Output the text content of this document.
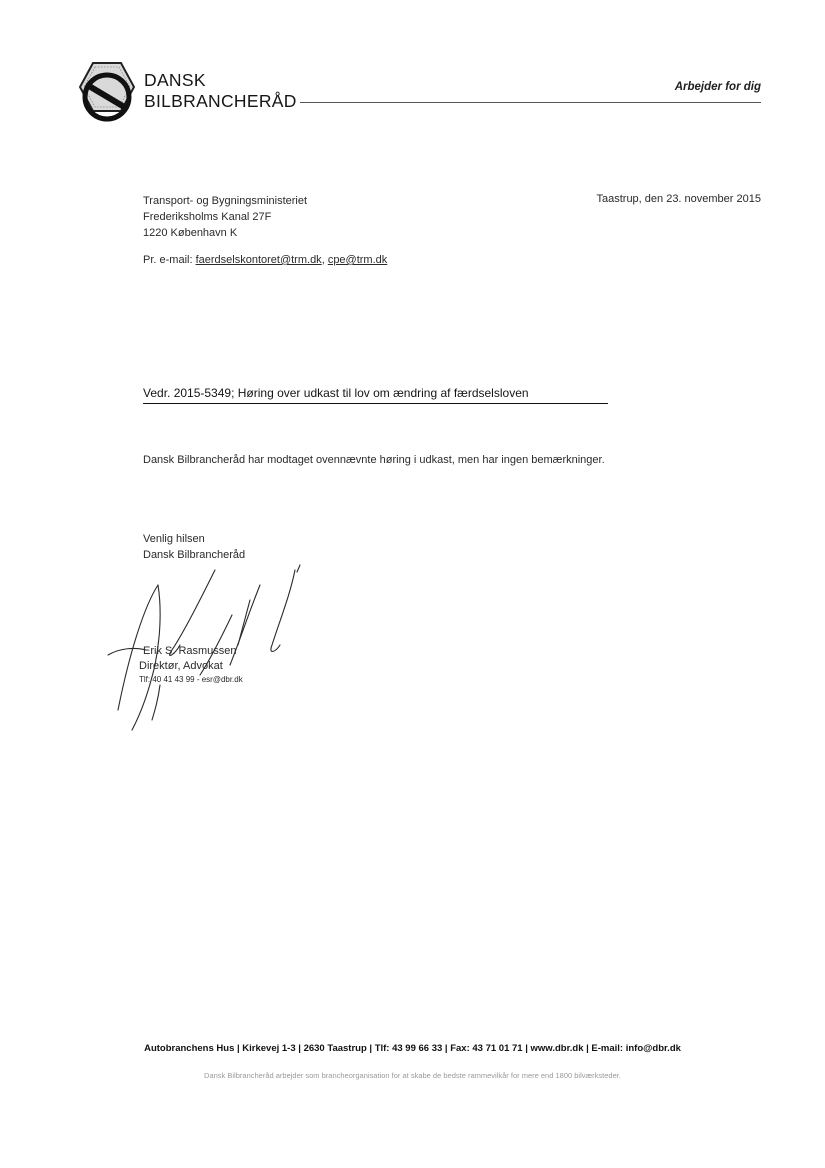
DANSK
BILBRANCHERÅD
Arbejder for dig
Transport- og Bygningsministeriet
Frederiksholms Kanal 27F
1220 København K
Taastrup, den 23. november 2015
Pr. e-mail: faerdselskontoret@trm.dk, cpe@trm.dk
Vedr. 2015-5349; Høring over udkast til lov om ændring af færdselsloven
Dansk Bilbrancheråd har modtaget ovennævnte høring i udkast, men har ingen bemærkninger.
Venlig hilsen
Dansk Bilbrancheråd
Erik S. Rasmussen
Direktør, Advokat
Tlf: 40 41 43 99 - esr@dbr.dk
Autobranchens Hus | Kirkevej 1-3 | 2630 Taastrup | Tlf: 43 99 66 33 | Fax: 43 71 01 71 | www.dbr.dk | E-mail: info@dbr.dk
Dansk Bilbrancheråd arbejder som brancheorganisation for at skabe de bedste rammevilkår for mere end 1800 bilværksteder.
